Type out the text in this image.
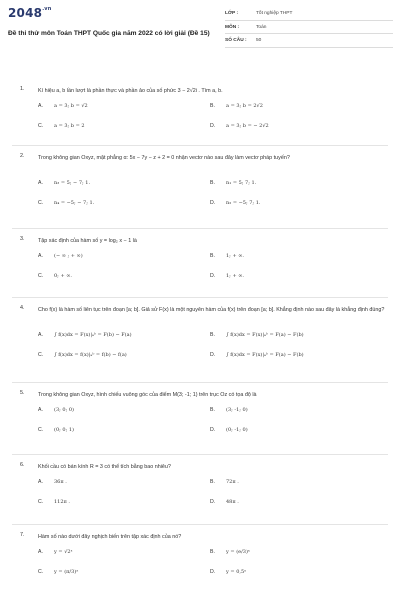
$2048^{.vn}$
Đề thi thử môn Toán THPT Quốc gia năm 2022 có lời giải (Đề 15)
LỚP :	Tốt nghiệp THPT
MÔN :	Toán
SỐ CÂU :	50
1.	Kí hiệu a, b lần lượt là phần thực và phần ảo của số phức 3 − 2√2i . Tìm a, b.
A. a = 3; b = √2	B. a = 3; b = 2√2
C. a = 3; b = 2	D. a = 3; b = − 2√2
2.	Trong không gian Oxyz, mặt phẳng α: 5x − 7y − z + 2 = 0 nhận vectơ nào sau đây làm vectơ pháp tuyến?
A. n₃ = 5; − 7; 1.	B. n₁ = 5; 7; 1.
C. n₄ = −5; − 7; 1.	D. n₂ = −5; 7; 1.
3.	Tập xác định của hàm số y = log₂ x − 1 là
A. (− ∞ ; + ∞)	B. 1; + ∞.
C. 0; + ∞.	D. 1; + ∞.
4.	Cho f(x) là hàm số liên tục trên đoạn [a; b]. Giả sử F(x) là một nguyên hàm của f(x) trên đoạn [a; b]. Khẳng định nào sau đây là khẳng định đúng?
A. ∫ f(x)dx = F(x)|ₐᵇ = F(b) − F(a)	B. ∫ f(x)dx = F(x)|ₐᵇ = F(a) − F(b)
C. ∫ f(x)dx = f(x)|ₐᵇ = f(b) − f(a)	D. ∫ f(x)dx = F(x)|ₐᵇ = F(a) − F(b)
5.	Trong không gian Oxyz, hình chiếu vuông góc của điểm M(3; -1; 1) trên trục Oz có tọa độ là
A. (3; 0; 0)	B. (3; -1; 0)
C. (0; 0; 1)	D. (0; -1; 0)
6.	Khối cầu có bán kính R = 3 có thể tích bằng bao nhiêu?
A. 36π .	B. 72π .
C. 112π .	D. 48π .
7.	Hàm số nào dưới đây nghịch biến trên tập xác định của nó?
A. y = √2ˣ	B. y = (e/3)ˣ
C. y = (π/3)ˣ	D. y = 0,5ˣ
